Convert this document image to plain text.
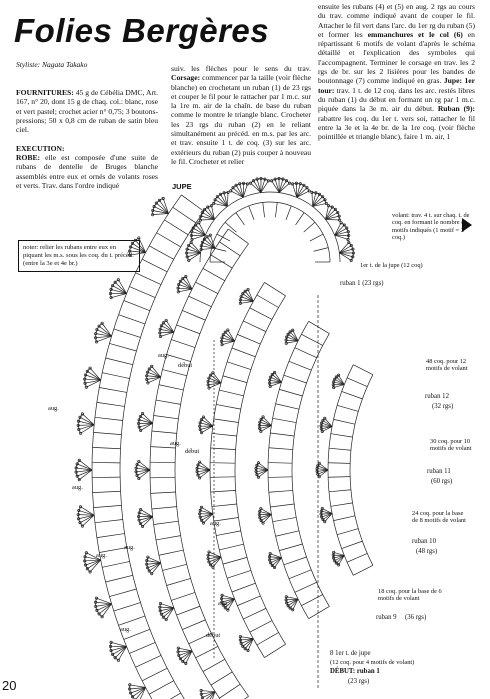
Folies Bergères
Styliste: Nagata Takako
FOURNITURES: 45 g de Cébélia DMC, Art. 167, n° 20, dont 15 g de chaq. col.: blanc, rose et vert pastel; crochet acier n° 0,75; 3 boutons-pressions; 50 x 0,8 cm de ruban de satin bleu ciel.

EXECUTION:
ROBE: elle est composée d'une suite de rubans de dentelle de Bruges blanche assemblés entre eux et ornés de volants roses et verts. Trav. dans l'ordre indiqué
suiv. les flèches pour le sens du trav. Corsage: commencer par la taille (voir flèche blanche) en crochetant un ruban (1) de 23 rgs et couper le fil pour le rattacher par 1 m.c. sur la 1re m. air de la chaîn. de base du ruban comme le montre le triangle blanc. Crocheter les 23 rgs du ruban (2) en le reliant simultanément au précéd. en m.s. par les arc. et trav. ensuite 1 t. de coq. (3) sur les arc. extérieurs du ruban (2) puis couper à nouveau le fil. Crocheter et relier
ensuite les rubans (4) et (5) en aug. 2 rgs au cours du trav. comme indiqué avant de couper le fil. Attacher le fil vert dans l'arc. du 1er rg du ruban (5) et former les emmanchures et le col (6) en répartissant 6 motifs de volant d'après le schéma détaillé et l'explication des symboles qui l'accompagnent. Terminer le corsage en trav. les 2 rgs de br. sur les 2 lisières pour les bandes de boutonnage (7) comme indiqué en gras. Jupe: 1er tour: trav. 1 t. de 12 coq. dans les arc. restés libres du ruban (1) du début en formant un rg par 1 m.c. piquée dans la 3e m. air du début. Ruban (9): rabattre les coq. du 1er t. vers soi, rattacher le fil entre la 3e et la 4e br. de la 1re coq. (voir flèche pointillée et triangle blanc), faire 1 m. air, 1
noter: relier les rubans entre eux en piquant les m.s. sous les coq. du t. précéd. (entre la 3e et 4e br.)
JUPE
volant: trav. 4 t. sur chaq. t. de coq. en formant le nombre de motifs indiqués (1 motif = 3 coq.)
1er t. de la jupe (12 coq)
ruban 1 (23 rgs)
48 coq. pour 12 motifs de volant
ruban 12
(32 rgs)
30 coq. pour 10 motifs de volant
ruban 11
(60 rgs)
24 coq. pour la base de 8 motifs de volant
ruban 10
(48 rgs)
18 coq. pour la base de 6 motifs de volant
ruban 9 (36 rgs)
8 1er t. de jupe
(12 coq. pour 4 motifs de volant)
DÉBUT: ruban 1
(23 rgs)
aug.
aug.
début
aug.
aug.
début
aug.
aug.
aug.
aug.
aug.
début
20
